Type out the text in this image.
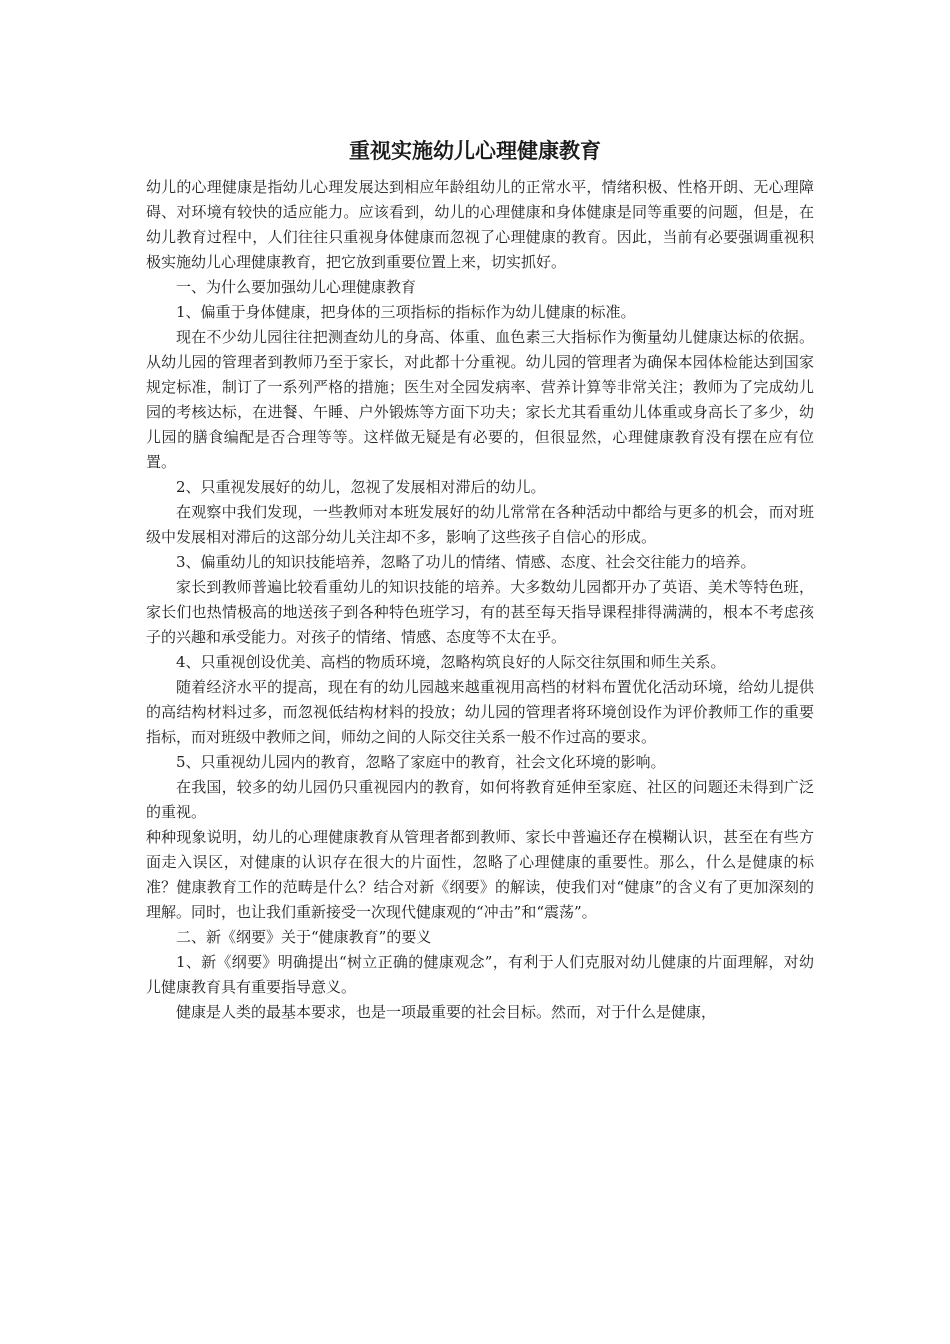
重视实施幼儿心理健康教育

幼儿的心理健康是指幼儿心理发展达到相应年龄组幼儿的正常水平，情绪积极、性格开朗、无心理障碍、对环境有较快的适应能力。应该看到，幼儿的心理健康和身体健康是同等重要的问题，但是，在幼儿教育过程中，人们往往只重视身体健康而忽视了心理健康的教育。因此，当前有必要强调重视积极实施幼儿心理健康教育，把它放到重要位置上来，切实抓好。

一、为什么要加强幼儿心理健康教育

1、偏重于身体健康，把身体的三项指标的指标作为幼儿健康的标准。

现在不少幼儿园往往把测查幼儿的身高、体重、血色素三大指标作为衡量幼儿健康达标的依据。从幼儿园的管理者到教师乃至于家长，对此都十分重视。幼儿园的管理者为确保本园体检能达到国家规定标准，制订了一系列严格的措施；医生对全园发病率、营养计算等非常关注；教师为了完成幼儿园的考核达标，在进餐、午睡、户外锻炼等方面下功夫；家长尤其看重幼儿体重或身高长了多少，幼儿园的膳食编配是否合理等等。这样做无疑是有必要的，但很显然，心理健康教育没有摆在应有位置。

2、只重视发展好的幼儿，忽视了发展相对滞后的幼儿。

在观察中我们发现，一些教师对本班发展好的幼儿常常在各种活动中都给与更多的机会，而对班级中发展相对滞后的这部分幼儿关注却不多，影响了这些孩子自信心的形成。

3、偏重幼儿的知识技能培养，忽略了功儿的情绪、情感、态度、社会交往能力的培养。

家长到教师普遍比较看重幼儿的知识技能的培养。大多数幼儿园都开办了英语、美术等特色班，家长们也热情极高的地送孩子到各种特色班学习，有的甚至每天指导课程排得满满的，根本不考虑孩子的兴趣和承受能力。对孩子的情绪、情感、态度等不太在乎。

4、只重视创设优美、高档的物质环境，忽略构筑良好的人际交往氛围和师生关系。

随着经济水平的提高，现在有的幼儿园越来越重视用高档的材料布置优化活动环境，给幼儿提供的高结构材料过多，而忽视低结构材料的投放；幼儿园的管理者将环境创设作为评价教师工作的重要指标，而对班级中教师之间，师幼之间的人际交往关系一般不作过高的要求。

5、只重视幼儿园内的教育，忽略了家庭中的教育，社会文化环境的影响。

在我国，较多的幼儿园仍只重视园内的教育，如何将教育延伸至家庭、社区的问题还未得到广泛的重视。

种种现象说明，幼儿的心理健康教育从管理者都到教师、家长中普遍还存在模糊认识，甚至在有些方面走入误区，对健康的认识存在很大的片面性，忽略了心理健康的重要性。那么，什么是健康的标准？健康教育工作的范畴是什么？结合对新《纲要》的解读，使我们对“健康”的含义有了更加深刻的理解。同时，也让我们重新接受一次现代健康观的“冲击”和“震荡”。

二、新《纲要》关于“健康教育”的要义

1、新《纲要》明确提出“树立正确的健康观念”，有利于人们克服对幼儿健康的片面理解，对幼儿健康教育具有重要指导意义。

健康是人类的最基本要求，也是一项最重要的社会目标。然而，对于什么是健康，
